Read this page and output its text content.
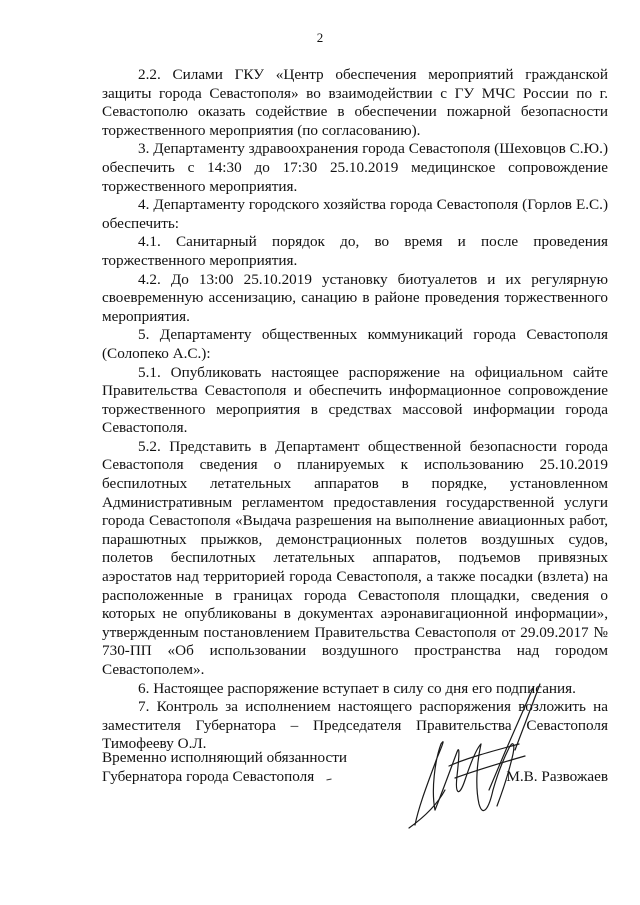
2

2.2. Силами ГКУ «Центр обеспечения мероприятий гражданской защиты города Севастополя» во взаимодействии с ГУ МЧС России по г. Севастополю оказать содействие в обеспечении пожарной безопасности торжественного мероприятия (по согласованию).

3. Департаменту здравоохранения города Севастополя (Шеховцов С.Ю.) обеспечить с 14:30 до 17:30 25.10.2019 медицинское сопровождение торжественного мероприятия.

4. Департаменту городского хозяйства города Севастополя (Горлов Е.С.) обеспечить:

4.1. Санитарный порядок до, во время и после проведения торжественного мероприятия.

4.2. До 13:00 25.10.2019 установку биотуалетов и их регулярную своевременную ассенизацию, санацию в районе проведения торжественного мероприятия.

5. Департаменту общественных коммуникаций города Севастополя (Солопеко А.С.):

5.1. Опубликовать настоящее распоряжение на официальном сайте Правительства Севастополя и обеспечить информационное сопровождение торжественного мероприятия в средствах массовой информации города Севастополя.

5.2. Представить в Департамент общественной безопасности города Севастополя сведения о планируемых к использованию 25.10.2019 беспилотных летательных аппаратов в порядке, установленном Административным регламентом предоставления государственной услуги города Севастополя «Выдача разрешения на выполнение авиационных работ, парашютных прыжков, демонстрационных полетов воздушных судов, полетов беспилотных летательных аппаратов, подъемов привязных аэростатов над территорией города Севастополя, а также посадки (взлета) на расположенные в границах города Севастополя площадки, сведения о которых не опубликованы в документах аэронавигационной информации», утвержденным постановлением Правительства Севастополя от 29.09.2017 № 730-ПП «Об использовании воздушного пространства над городом Севастополем».

6. Настоящее распоряжение вступает в силу со дня его подписания.

7. Контроль за исполнением настоящего распоряжения возложить на заместителя Губернатора – Председателя Правительства Севастополя Тимофееву О.Л.

Временно исполняющий обязанности
Губернатора города Севастополя	М.В. Развожаев
